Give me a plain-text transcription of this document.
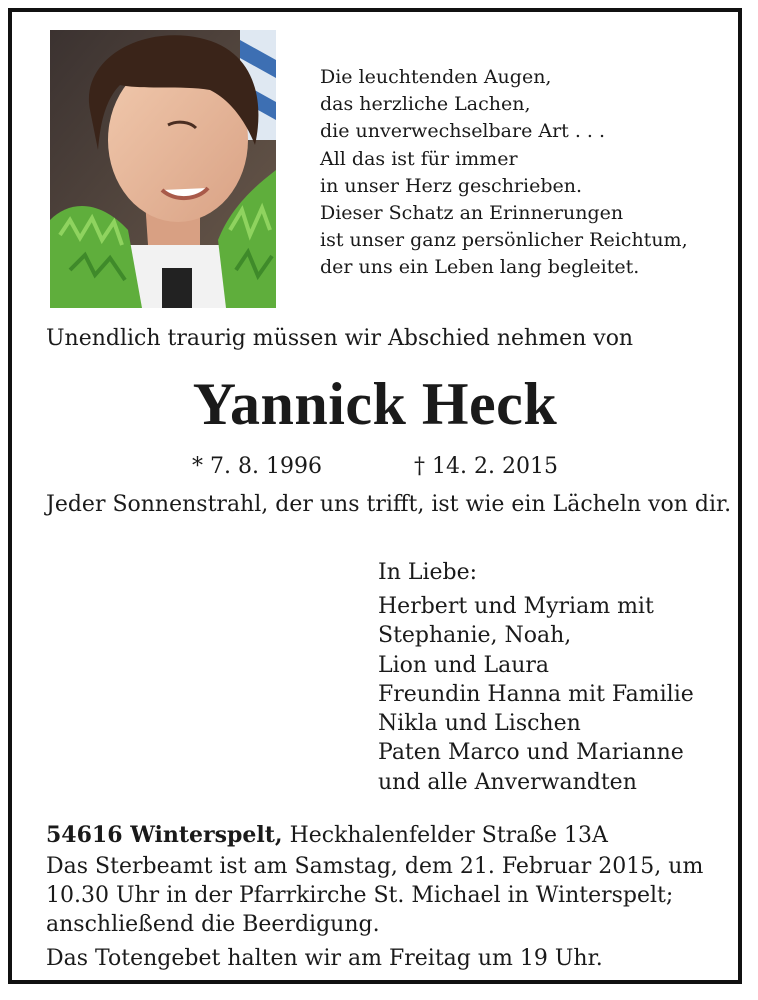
Die leuchtenden Augen,
das herzliche Lachen,
die unverwechselbare Art . . .
All das ist für immer
in unser Herz geschrieben.
Dieser Schatz an Erinnerungen
ist unser ganz persönlicher Reichtum,
der uns ein Leben lang begleitet.
Unendlich traurig müssen wir Abschied nehmen von
Yannick Heck
* 7. 8. 1996	† 14. 2. 2015
Jeder Sonnenstrahl, der uns trifft, ist wie ein Lächeln von dir.
In Liebe:
Herbert und Myriam mit
Stephanie, Noah,
Lion und Laura
Freundin Hanna mit Familie
Nikla und Lischen
Paten Marco und Marianne
und alle Anverwandten
54616 Winterspelt, Heckhalenfelder Straße 13A
Das Sterbeamt ist am Samstag, dem 21. Februar 2015, um 10.30 Uhr in der Pfarrkirche St. Michael in Winterspelt; anschließend die Beerdigung.
Das Totengebet halten wir am Freitag um 19 Uhr.
